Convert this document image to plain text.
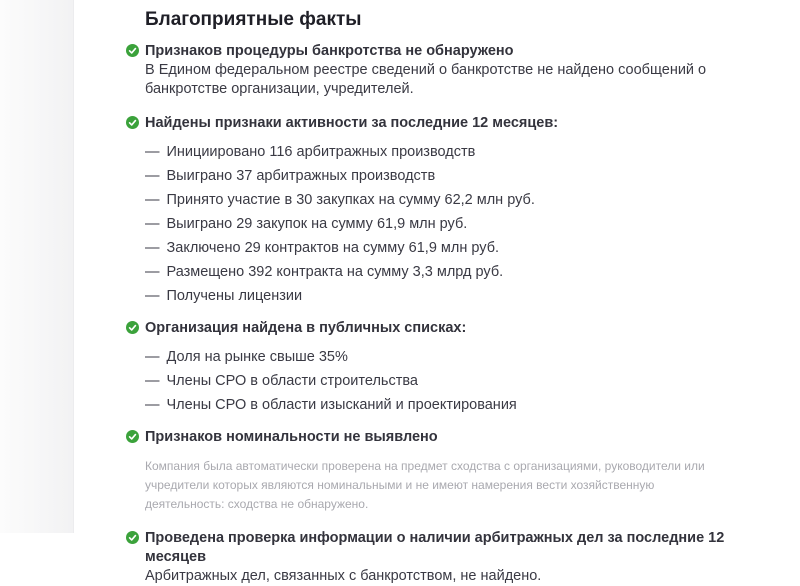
Благоприятные факты
Признаков процедуры банкротства не обнаружено
В Едином федеральном реестре сведений о банкротстве не найдено сообщений о банкротстве организации, учредителей.
Найдены признаки активности за последние 12 месяцев:
— Инициировано 116 арбитражных производств
— Выиграно 37 арбитражных производств
— Принято участие в 30 закупках на сумму 62,2 млн руб.
— Выиграно 29 закупок на сумму 61,9 млн руб.
— Заключено 29 контрактов на сумму 61,9 млн руб.
— Размещено 392 контракта на сумму 3,3 млрд руб.
— Получены лицензии
Организация найдена в публичных списках:
— Доля на рынке свыше 35%
— Члены СРО в области строительства
— Члены СРО в области изысканий и проектирования
Признаков номинальности не выявлено
Компания была автоматически проверена на предмет сходства с организациями, руководители или учредители которых являются номинальными и не имеют намерения вести хозяйственную деятельность: сходства не обнаружено.
Проведена проверка информации о наличии арбитражных дел за последние 12 месяцев
Арбитражных дел, связанных с банкротством, не найдено.
